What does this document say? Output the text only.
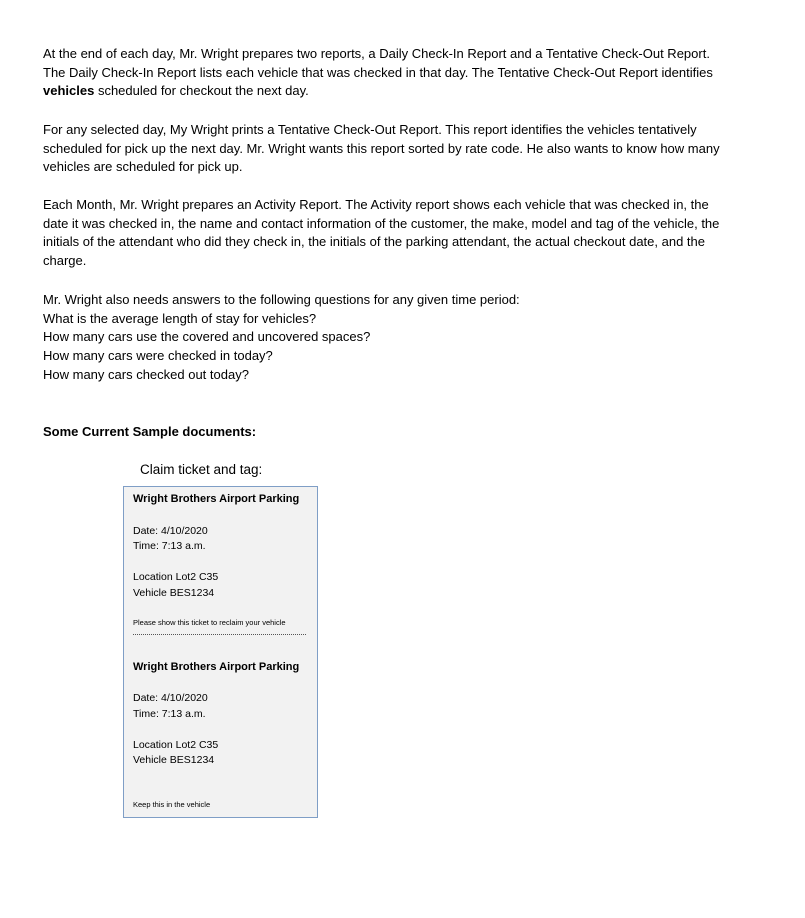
At the end of each day, Mr. Wright prepares two reports, a Daily Check-In Report and a Tentative Check-Out Report.
The Daily Check-In Report lists each vehicle that was checked in that day. The Tentative Check-Out Report identifies
vehicles scheduled for checkout the next day.

For any selected day, My Wright prints a Tentative Check-Out Report. This report identifies the vehicles tentatively
scheduled for pick up the next day. Mr. Wright wants this report sorted by rate code. He also wants to know how many
vehicles are scheduled for pick up.

Each Month, Mr. Wright prepares an Activity Report. The Activity report shows each vehicle that was checked in, the
date it was checked in, the name and contact information of the customer, the make, model and tag of the vehicle, the
initials of the attendant who did they check in, the initials of the parking attendant, the actual checkout date, and the
charge.

Mr. Wright also needs answers to the following questions for any given time period:
What is the average length of stay for vehicles?
How many cars use the covered and uncovered spaces?
How many cars were checked in today?
How many cars checked out today?

Some Current Sample documents:

Claim ticket and tag:
Wright Brothers Airport Parking
Date: 4/10/2020
Time: 7:13 a.m.
Location Lot2 C35
Vehicle BES1234
Please show this ticket to reclaim your vehicle
Wright Brothers Airport Parking
Date: 4/10/2020
Time: 7:13 a.m.
Location Lot2 C35
Vehicle BES1234
Keep this in the vehicle
